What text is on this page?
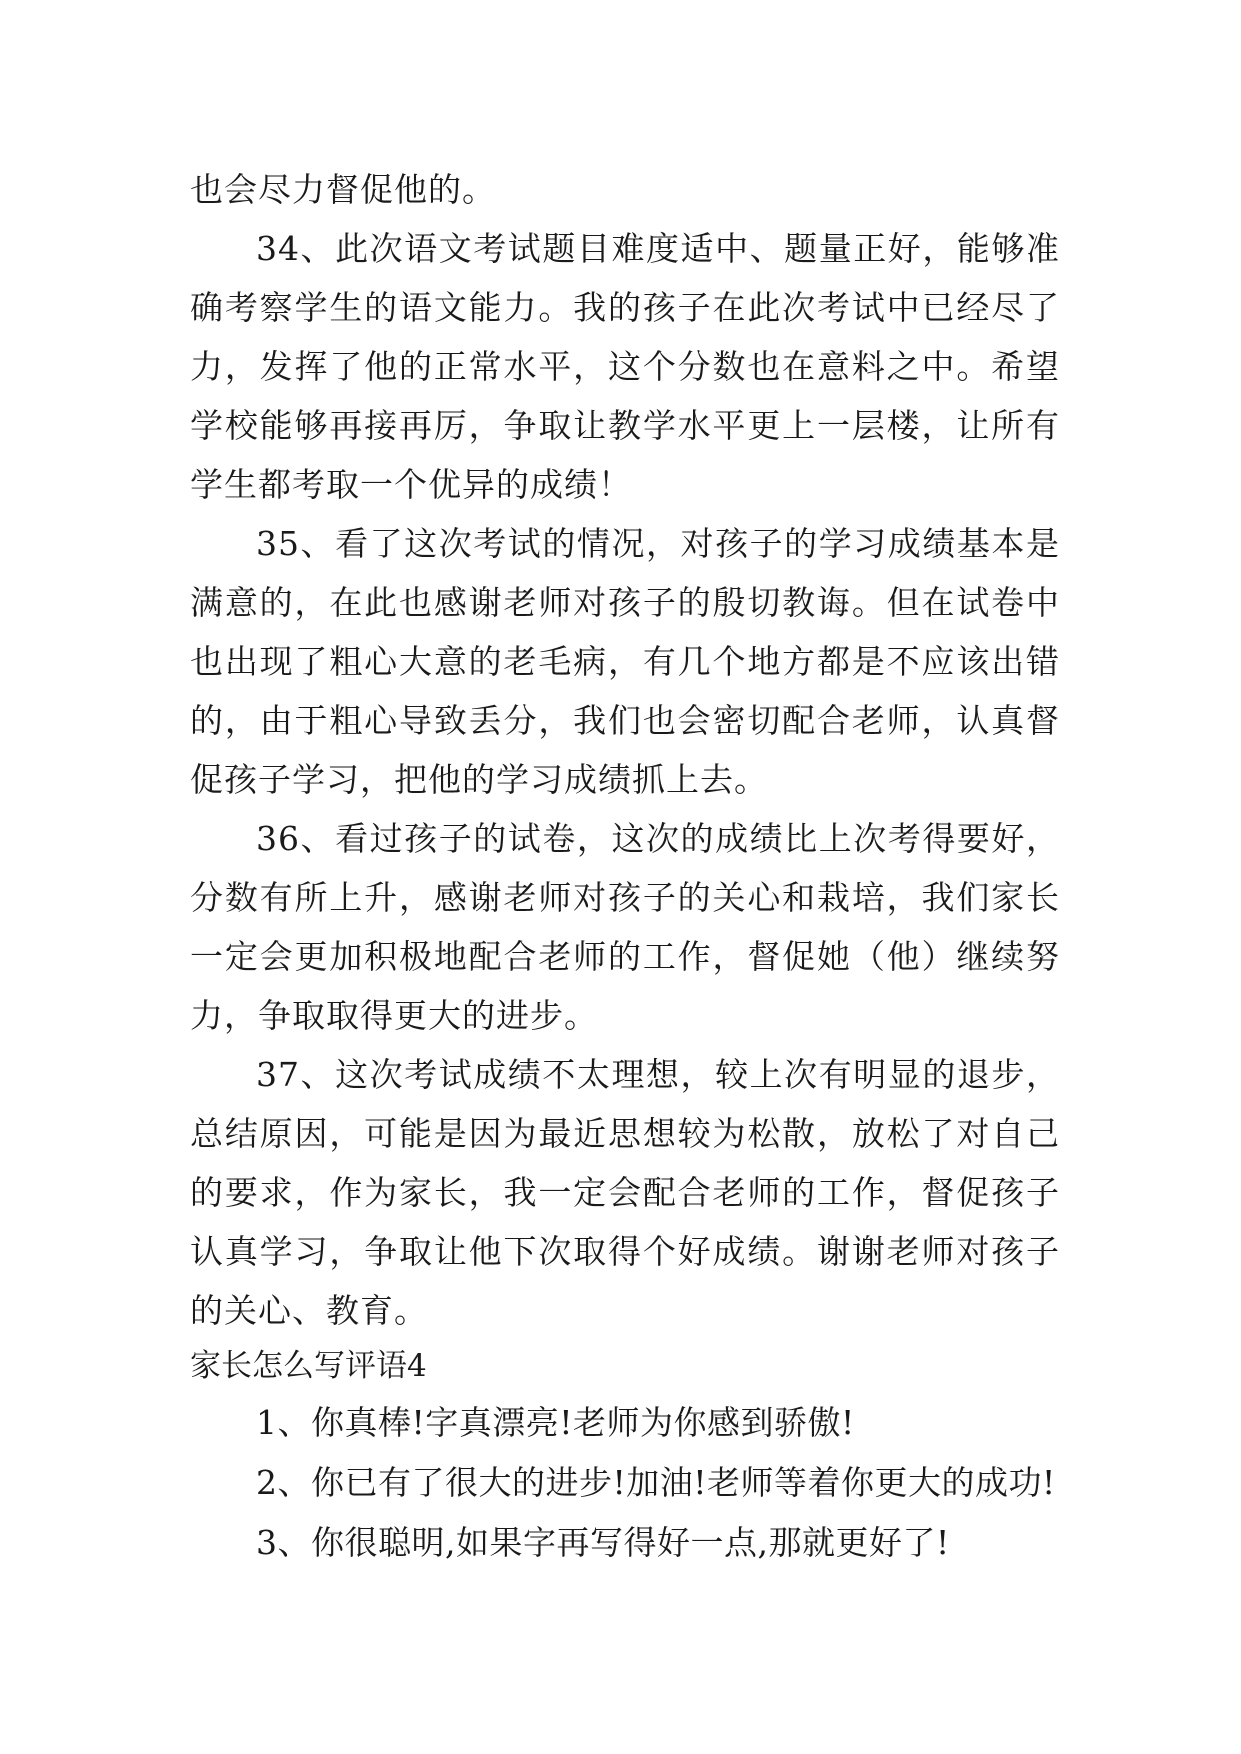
也会尽力督促他的。

34、此次语文考试题目难度适中、题量正好，能够准确考察学生的语文能力。我的孩子在此次考试中已经尽了力，发挥了他的正常水平，这个分数也在意料之中。希望学校能够再接再厉，争取让教学水平更上一层楼，让所有学生都考取一个优异的成绩！

35、看了这次考试的情况，对孩子的学习成绩基本是满意的，在此也感谢老师对孩子的殷切教诲。但在试卷中也出现了粗心大意的老毛病，有几个地方都是不应该出错的，由于粗心导致丢分，我们也会密切配合老师，认真督促孩子学习，把他的学习成绩抓上去。

36、看过孩子的试卷，这次的成绩比上次考得要好，分数有所上升，感谢老师对孩子的关心和栽培，我们家长一定会更加积极地配合老师的工作，督促她（他）继续努力，争取取得更大的进步。

37、这次考试成绩不太理想，较上次有明显的退步，总结原因，可能是因为最近思想较为松散，放松了对自己的要求，作为家长，我一定会配合老师的工作，督促孩子认真学习，争取让他下次取得个好成绩。谢谢老师对孩子的关心、教育。

家长怎么写评语4

1、你真棒!字真漂亮!老师为你感到骄傲!

2、你已有了很大的进步!加油!老师等着你更大的成功!

3、你很聪明,如果字再写得好一点,那就更好了!
